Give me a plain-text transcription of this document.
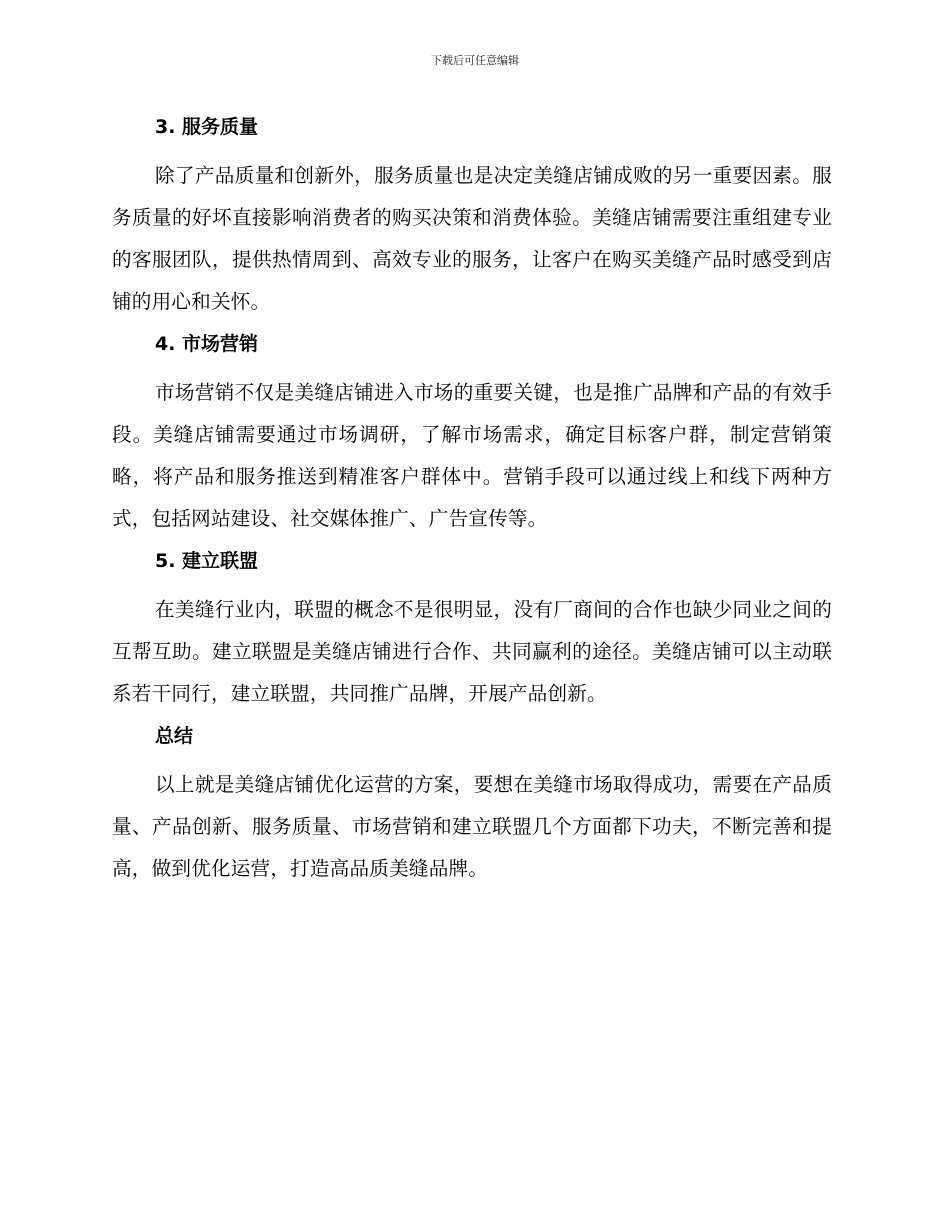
下载后可任意编辑
3. 服务质量

除了产品质量和创新外，服务质量也是决定美缝店铺成败的另一重要因素。服务质量的好坏直接影响消费者的购买决策和消费体验。美缝店铺需要注重组建专业的客服团队，提供热情周到、高效专业的服务，让客户在购买美缝产品时感受到店铺的用心和关怀。

4. 市场营销

市场营销不仅是美缝店铺进入市场的重要关键，也是推广品牌和产品的有效手段。美缝店铺需要通过市场调研，了解市场需求，确定目标客户群，制定营销策略，将产品和服务推送到精准客户群体中。营销手段可以通过线上和线下两种方式，包括网站建设、社交媒体推广、广告宣传等。

5. 建立联盟

在美缝行业内，联盟的概念不是很明显，没有厂商间的合作也缺少同业之间的互帮互助。建立联盟是美缝店铺进行合作、共同赢利的途径。美缝店铺可以主动联系若干同行，建立联盟，共同推广品牌，开展产品创新。

总结

以上就是美缝店铺优化运营的方案，要想在美缝市场取得成功，需要在产品质量、产品创新、服务质量、市场营销和建立联盟几个方面都下功夫，不断完善和提高，做到优化运营，打造高品质美缝品牌。
